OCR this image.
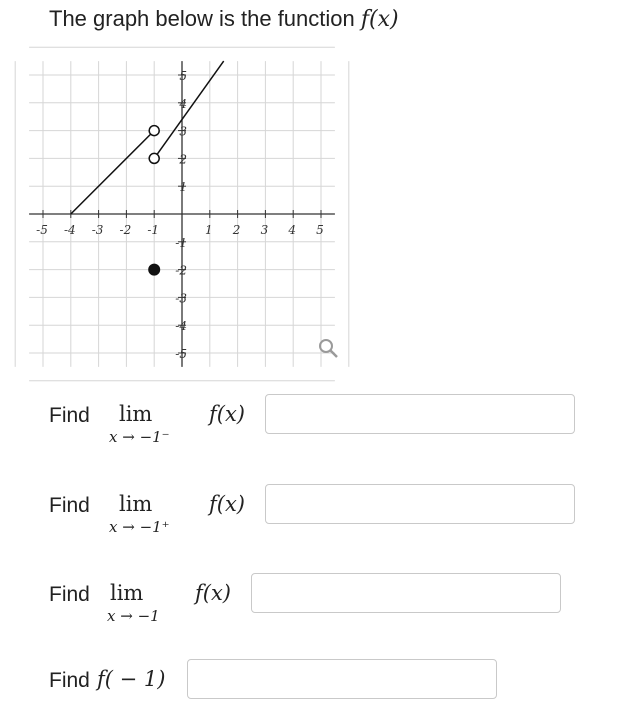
The graph below is the function f(x)
-5 -4 -3 -2 -1	1 2 3 4 5
5
4
3
2
1
-1
-2
-3
-4
-5
Find lim
x → −1⁻
f(x)
Find lim
x → −1⁺
f(x)
Find lim
x → −1
f(x)
Find f( − 1)
